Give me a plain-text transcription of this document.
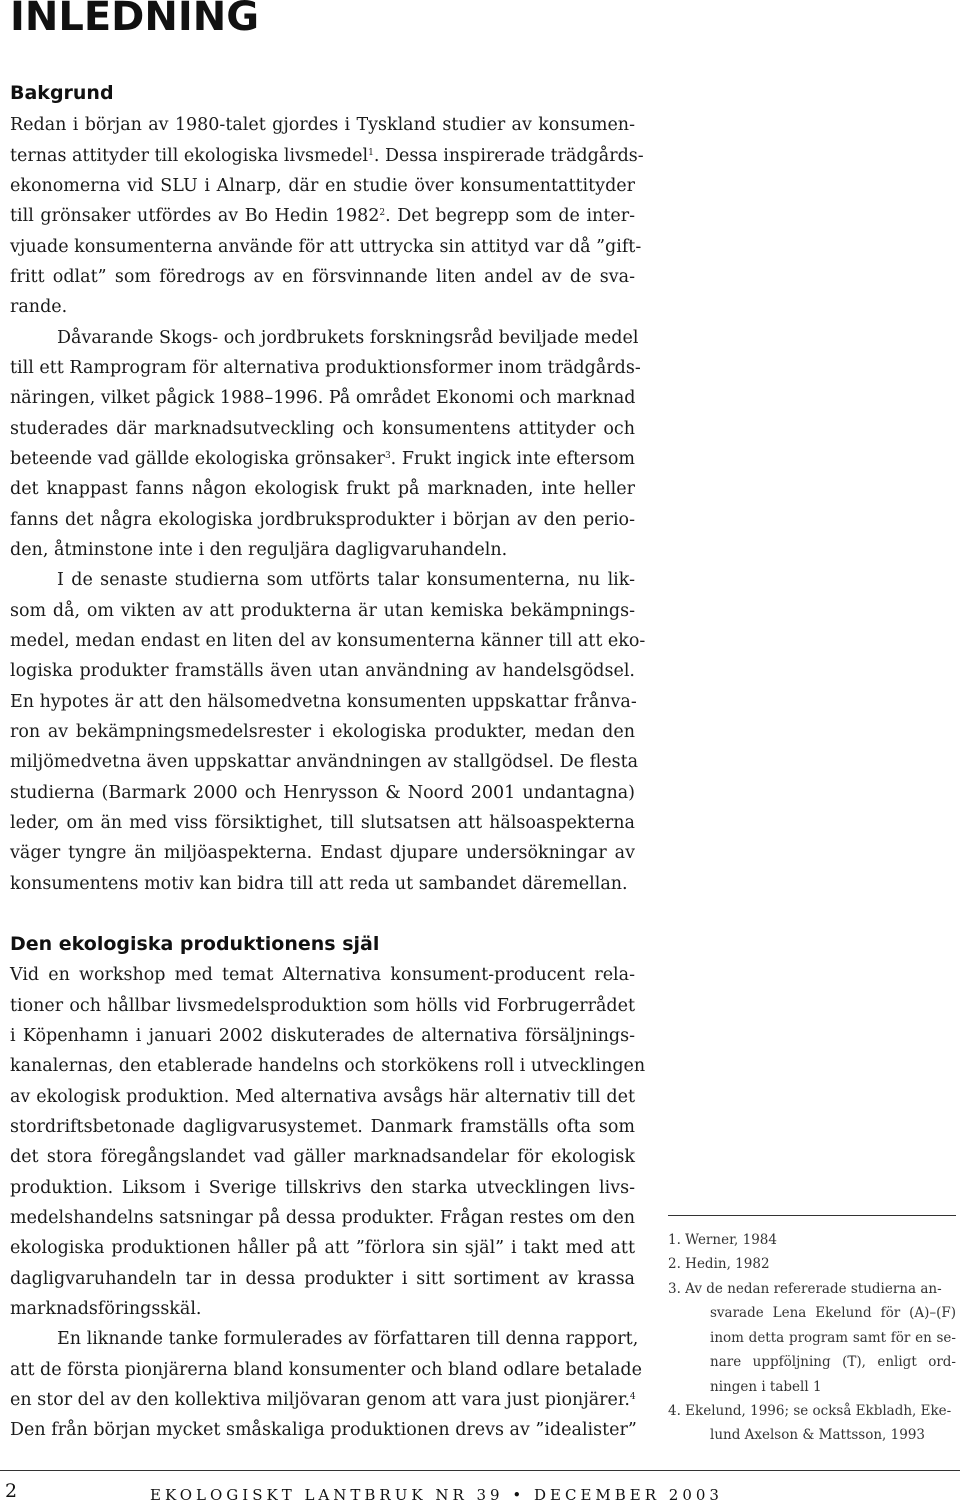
INLEDNING
Bakgrund
Redan i början av 1980-talet gjordes i Tyskland studier av konsumen-
ternas attityder till ekologiska livsmedel$^1$. Dessa inspirerade trädgårds-
ekonomerna vid SLU i Alnarp, där en studie över konsumentattityder
till grönsaker utfördes av Bo Hedin 1982$^2$. Det begrepp som de inter-
vjuade konsumenterna använde för att uttrycka sin attityd var då ”gift-
fritt odlat” som föredrogs av en försvinnande liten andel av de sva-
rande.
Dåvarande Skogs- och jordbrukets forskningsråd beviljade medel
till ett Ramprogram för alternativa produktionsformer inom trädgårds-
näringen, vilket pågick 1988–1996. På området Ekonomi och marknad
studerades där marknadsutveckling och konsumentens attityder och
beteende vad gällde ekologiska grönsaker$^3$. Frukt ingick inte eftersom
det knappast fanns någon ekologisk frukt på marknaden, inte heller
fanns det några ekologiska jordbruksprodukter i början av den perio-
den, åtminstone inte i den reguljära dagligvaruhandeln.
I de senaste studierna som utförts talar konsumenterna, nu lik-
som då, om vikten av att produkterna är utan kemiska bekämpnings-
medel, medan endast en liten del av konsumenterna känner till att eko-
logiska produkter framställs även utan användning av handelsgödsel.
En hypotes är att den hälsomedvetna konsumenten uppskattar frånva-
ron av bekämpningsmedelsrester i ekologiska produkter, medan den
miljömedvetna även uppskattar användningen av stallgödsel. De flesta
studierna (Barmark 2000 och Henrysson & Noord 2001 undantagna)
leder, om än med viss försiktighet, till slutsatsen att hälsoaspekterna
väger tyngre än miljöaspekterna. Endast djupare undersökningar av
konsumentens motiv kan bidra till att reda ut sambandet däremellan.
Den ekologiska produktionens själ
Vid en workshop med temat Alternativa konsument-producent rela-
tioner och hållbar livsmedelsproduktion som hölls vid Forbrugerrådet
i Köpenhamn i januari 2002 diskuterades de alternativa försäljnings-
kanalernas, den etablerade handelns och storkökens roll i utvecklingen
av ekologisk produktion. Med alternativa avsågs här alternativ till det
stordriftsbetonade dagligvarusystemet. Danmark framställs ofta som
det stora föregångslandet vad gäller marknadsandelar för ekologisk
produktion. Liksom i Sverige tillskrivs den starka utvecklingen livs-
medelshandelns satsningar på dessa produkter. Frågan restes om den
ekologiska produktionen håller på att ”förlora sin själ” i takt med att
dagligvaruhandeln tar in dessa produkter i sitt sortiment av krassa
marknadsföringsskäl.
En liknande tanke formulerades av författaren till denna rapport,
att de första pionjärerna bland konsumenter och bland odlare betalade
en stor del av den kollektiva miljövaran genom att vara just pionjärer.$^4$
Den från början mycket småskaliga produktionen drevs av ”idealister”
1. Werner, 1984
2. Hedin, 1982
3. Av de nedan refererade studierna an-
svarade Lena Ekelund för (A)–(F)
inom detta program samt för en se-
nare uppföljning (T), enligt ord-
ningen i tabell 1
4. Ekelund, 1996; se också Ekbladh, Eke-
lund Axelson & Mattsson, 1993
2	EKOLOGISKT LANTBRUK NR 39 • DECEMBER 2003
